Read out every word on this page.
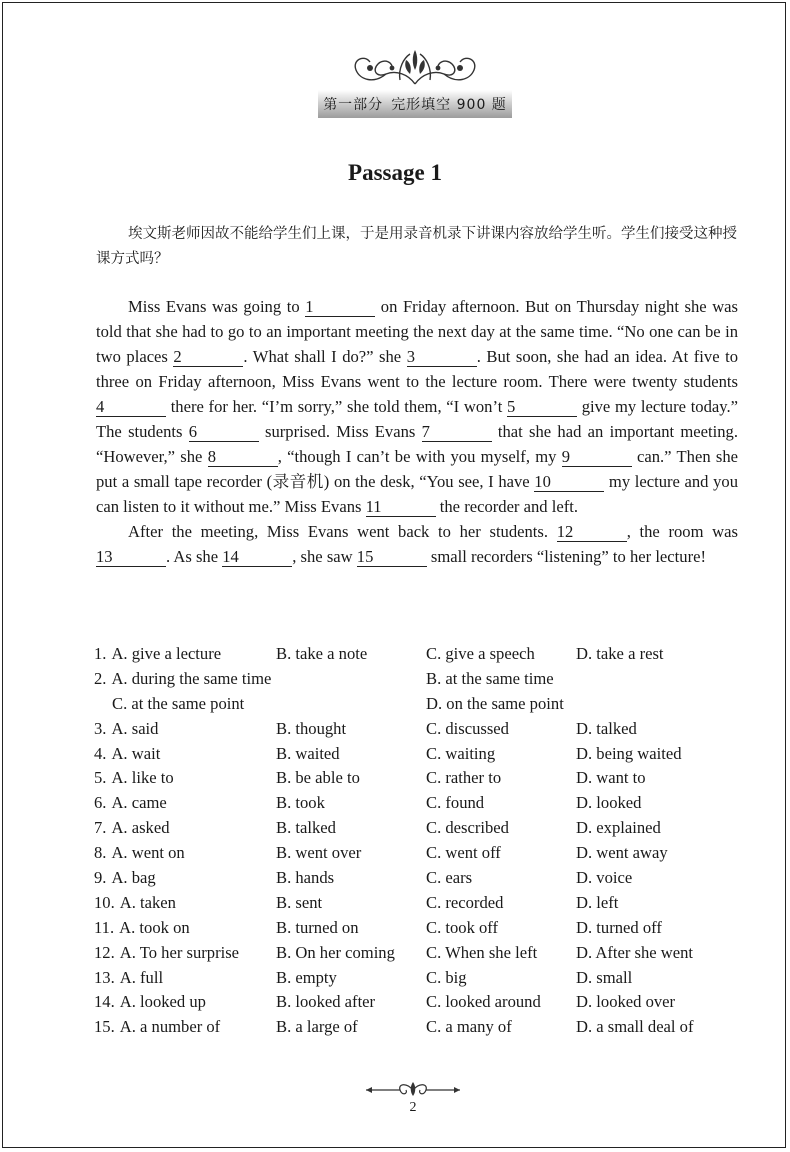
第一部分 完形填空 900 题
Passage 1

埃文斯老师因故不能给学生们上课，于是用录音机录下讲课内容放给学生听。学生们接受这种授课方式吗？

Miss Evans was going to 1	on Friday afternoon. But on Thursday night she was told that she had to go to an important meeting the next day at the same time. “No one can be in two places 2	. What shall I do?” she 3	. But soon, she had an idea. At five to three on Friday afternoon, Miss Evans went to the lecture room. There were twenty students 4	there for her. “I’m sorry,” she told them, “I won’t 5	give my lecture today.” The students 6	surprised. Miss Evans 7	that she had an important meeting. “However,” she 8	, “though I can’t be with you myself, my 9	can.” Then she put a small tape recorder (录音机) on the desk, “You see, I have 10	my lecture and you can listen to it without me.” Miss Evans 11	the recorder and left.

After the meeting, Miss Evans went back to her students. 12	, the room was 13	. As she 14	, she saw 15	small recorders “listening” to her lecture!

1. A. give a lecture	B. take a note	C. give a speech D. take a rest
2. A. during the same time	B. at the same time
C. at the same point	D. on the same point
3. A. said	B. thought	C. discussed	D. talked
4. A. wait	B. waited	C. waiting	D. being waited
5. A. like to	B. be able to	C. rather to	D. want to
6. A. came	B. took	C. found	D. looked
7. A. asked	B. talked	C. described	D. explained
8. A. went on	B. went over	C. went off	D. went away
9. A. bag	B. hands	C. ears	D. voice
10. A. taken	B. sent	C. recorded	D. left
11. A. took on	B. turned on	C. took off	D. turned off
12. A. To her surprise B. On her coming C. When she left D. After she went
13. A. full	B. empty	C. big	D. small
14. A. looked up	B. looked after	C. looked around D. looked over
15. A. a number of	B. a large of	C. a many of	D. a small deal of
2
